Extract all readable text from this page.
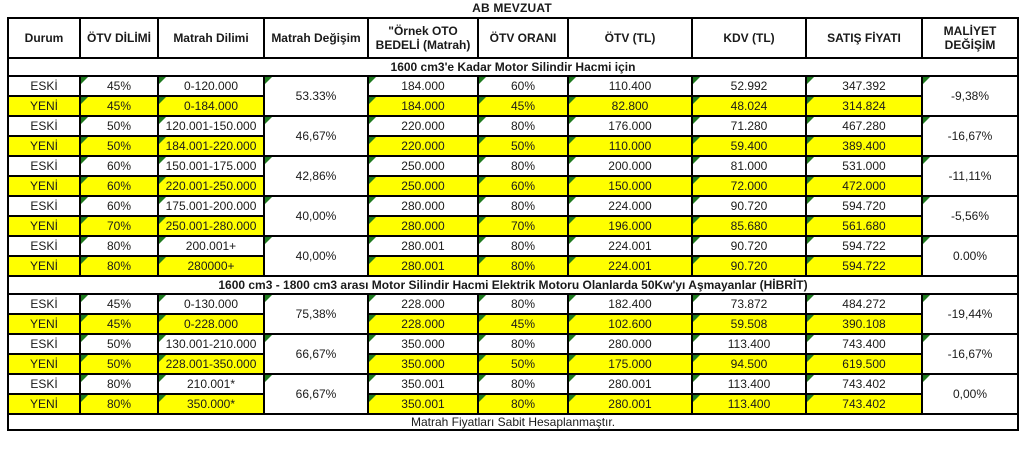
AB MEVZUAT
Durum	ÖTV DİLİMİ	Matrah Dilimi	Matrah Değişim	"Örnek OTO BEDELİ (Matrah)	ÖTV ORANI	ÖTV (TL)	KDV (TL)	SATIŞ FİYATI	MALİYET DEĞİŞİM
1600 cm3'e Kadar Motor Silindir Hacmi için									
ESKİ	45%	0-120.000	53.33%	184.000	60%	110.400	52.992	347.392	-9,38%
YENİ	45%	0-184.000		184.000	45%	82.800	48.024	314.824	
ESKİ	50%	120.001-150.000	46,67%	220.000	80%	176.000	71.280	467.280	-16,67%
YENİ	50%	184.001-220.000		220.000	50%	110.000	59.400	389.400	
ESKİ	60%	150.001-175.000	42,86%	250.000	80%	200.000	81.000	531.000	-11,11%
YENİ	60%	220.001-250.000		250.000	60%	150.000	72.000	472.000	
ESKİ	60%	175.001-200.000	40,00%	280.000	80%	224.000	90.720	594.720	-5,56%
YENİ	70%	250.001-280.000		280.000	70%	196.000	85.680	561.680	
ESKİ	80%	200.001+	40,00%	280.001	80%	224.001	90.720	594.722	0.00%
YENİ	80%	280000+		280.001	80%	224.001	90.720	594.722	
1600 cm3 - 1800 cm3 arası Motor Silindir Hacmi Elektrik Motoru Olanlarda 50Kw'yı Aşmayanlar (HİBRİT)									
ESKİ	45%	0-130.000	75,38%	228.000	80%	182.400	73.872	484.272	-19,44%
YENİ	45%	0-228.000		228.000	45%	102.600	59.508	390.108	
ESKİ	50%	130.001-210.000	66,67%	350.000	80%	280.000	113.400	743.400	-16,67%
YENİ	50%	228.001-350.000		350.000	50%	175.000	94.500	619.500	
ESKİ	80%	210.001*	66,67%	350.001	80%	280.001	113.400	743.402	0,00%
YENİ	80%	350.000*		350.001	80%	280.001	113.400	743.402	
Matrah Fiyatları Sabit Hesaplanmaştır.									
